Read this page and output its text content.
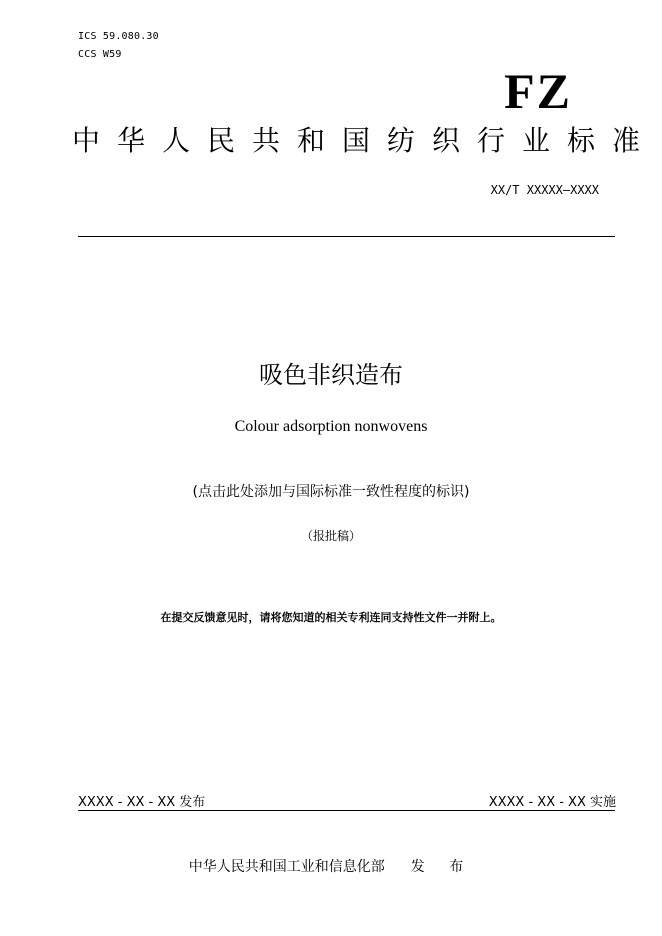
ICS 59.080.30
CCS W59
FZ
中华人民共和国纺织行业标准
XX/T XXXXX—XXXX
吸色非织造布
Colour adsorption nonwovens
(点击此处添加与国际标准一致性程度的标识)
（报批稿）
在提交反馈意见时，请将您知道的相关专利连同支持性文件一并附上。
XXXX - XX - XX 发布	XXXX - XX - XX 实施
中华人民共和国工业和信息化部 发 布
